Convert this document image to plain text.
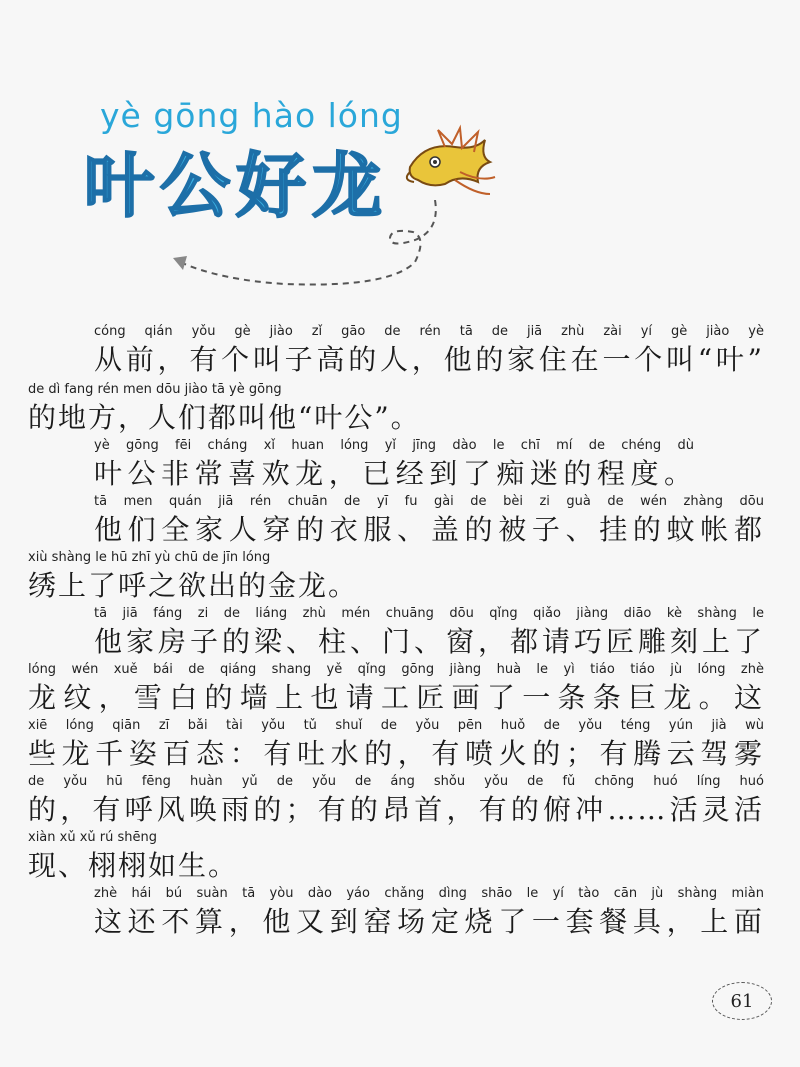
yè gōng hào lóng
叶公好龙
cóng qián yǒu gè jiào zǐ gāo de rén tā de jiā zhù zài yí gè jiào yè
从前，有个叫子高的人，他的家住在一个叫“叶”
de dì fang rén men dōu jiào tā yè gōng
的地方，人们都叫他“叶公”。
yè gōng fēi cháng xǐ huan lóng yǐ jīng dào le chī mí de chéng dù
叶公非常喜欢龙，已经到了痴迷的程度。
tā men quán jiā rén chuān de yī fu gài de bèi zi guà de wén zhàng dōu
他们全家人穿的衣服、盖的被子、挂的蚊帐都
xiù shàng le hū zhī yù chū de jīn lóng
绣上了呼之欲出的金龙。
tā jiā fáng zi de liáng zhù mén chuāng dōu qǐng qiǎo jiàng diāo kè shàng le
他家房子的梁、柱、门、窗，都请巧匠雕刻上了
lóng wén xuě bái de qiáng shang yě qǐng gōng jiàng huà le yì tiáo tiáo jù lóng zhè
龙纹，雪白的墙上也请工匠画了一条条巨龙。这
xiē lóng qiān zī bǎi tài yǒu tǔ shuǐ de yǒu pēn huǒ de yǒu téng yún jià wù
些龙千姿百态：有吐水的，有喷火的；有腾云驾雾
de yǒu hū fēng huàn yǔ de yǒu de áng shǒu yǒu de fǔ chōng huó líng huó
的，有呼风唤雨的；有的昂首，有的俯冲……活灵活
xiàn xǔ xǔ rú shēng
现、栩栩如生。
zhè hái bú suàn tā yòu dào yáo chǎng dìng shāo le yí tào cān jù shàng miàn
这还不算，他又到窑场定烧了一套餐具，上面
61
